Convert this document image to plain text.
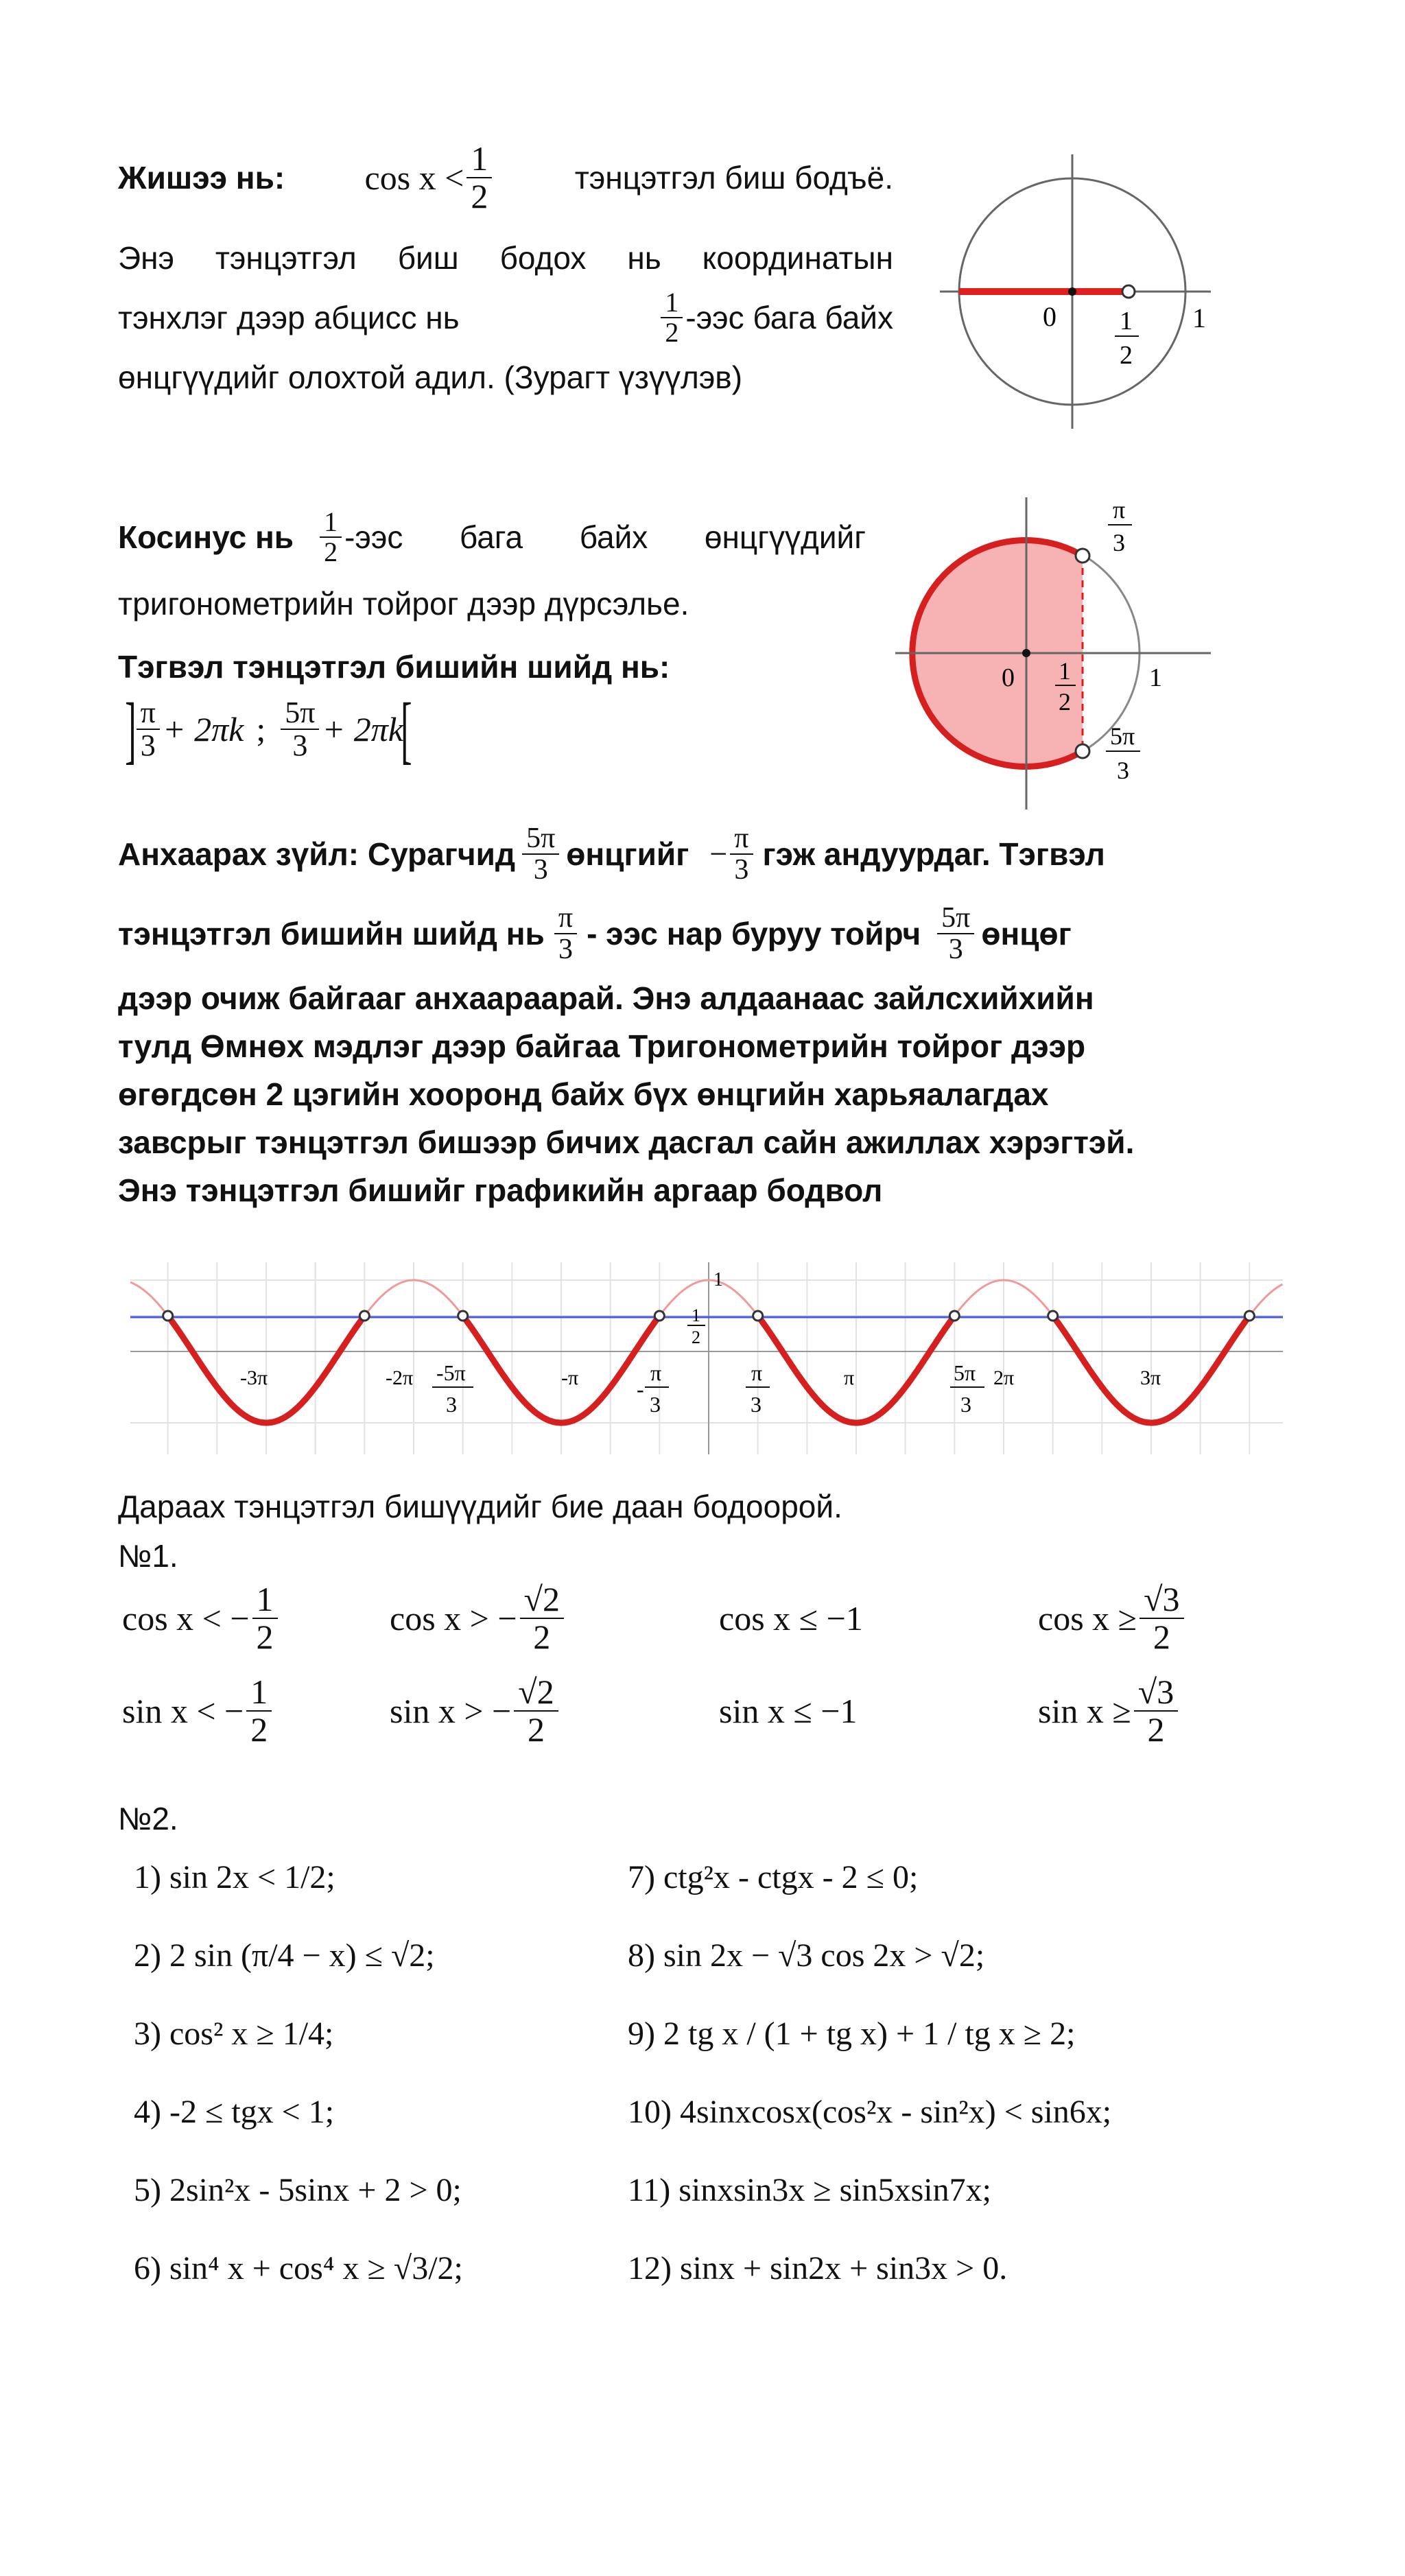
Жишээ нь: $\cos x < \frac{1}{2}$	тэнцэтгэл биш бодъё.
Энэ тэнцэтгэл биш бодох нь координатын
тэнхлэг дээр абцисс нь	$\frac{1}{2} -ээс$ бага байх
өнцгүүдийг олохтой адил. (Зурагт үзүүлэв)
0 1
2
1
Косинус нь $\frac{1}{2} -ээс$ бага байх өнцгүүдийг
тригонометрийн тойрог дээр дүрсэлье.
Тэгвэл тэнцэтгэл бишийн шийд нь:
] $\frac{\pi}{3} + 2\pi k$ ; $\frac{5\pi}{3} + 2\pi k$
[
0 1
2
1
π
3
5π
3
Анхаарах зүйл: Сурагчид $\frac{5\pi}{3}$ өнцгийг − $\frac{\pi}{3}$ гэж андуурдаг. Тэгвэл
тэнцэтгэл бишийн шийд нь $\frac{\pi}{3}$ - ээс нар буруу тойрч $\frac{5\pi}{3}$ өнцөг
дээр очиж байгааг анхаараарай. Энэ алдаанаас зайлсхийхийн
тулд Өмнөх мэдлэг дээр байгаа Тригонометрийн тойрог дээр
өгөгдсөн 2 цэгийн хооронд байх бүх өнцгийн харьяалагдах
завсрыг тэнцэтгэл бишээр бичих дасгал сайн ажиллах хэрэгтэй.
Энэ тэнцэтгэл бишийг графикийн аргаар бодвол
-3π	-2π	-π	π	2π	3π
-5π
3
-
π
3
π
3
5π
3
1
1
2
Дараах тэнцэтгэл бишүүдийг бие даан бодоорой.
№1.
cos x < − $\frac{1}{2}$	cos x > − $\frac{√2}{2}$	cos x ≤ −1	$\cos x \ge \frac{√3}{2}$
sin x < − $\frac{1}{2}$	sin x > − $\frac{√2}{2}$	sin x ≤ −1	$\sin x \ge \frac{√3}{2}$
№2.
1) sin 2x < 1/2;	7) ctg²x - ctgx - 2 ≤ 0;
2) 2 sin (π/4 − x) ≤ √2;	8) sin 2x − √3 cos 2x > √2;
3) cos² x ≥ 1/4;	9) 2 tg x / (1 + tg x) + 1 / tg x ≥ 2;
4) -2 ≤ tgx < 1;	10) 4sinxcosx(cos²x - sin²x) < sin6x;
5) 2sin²x - 5sinx + 2 > 0;	11) sinxsin3x ≥ sin5xsin7x;
6) sin⁴ x + cos⁴ x ≥ √3/2;	12) sinx + sin2x + sin3x > 0.
